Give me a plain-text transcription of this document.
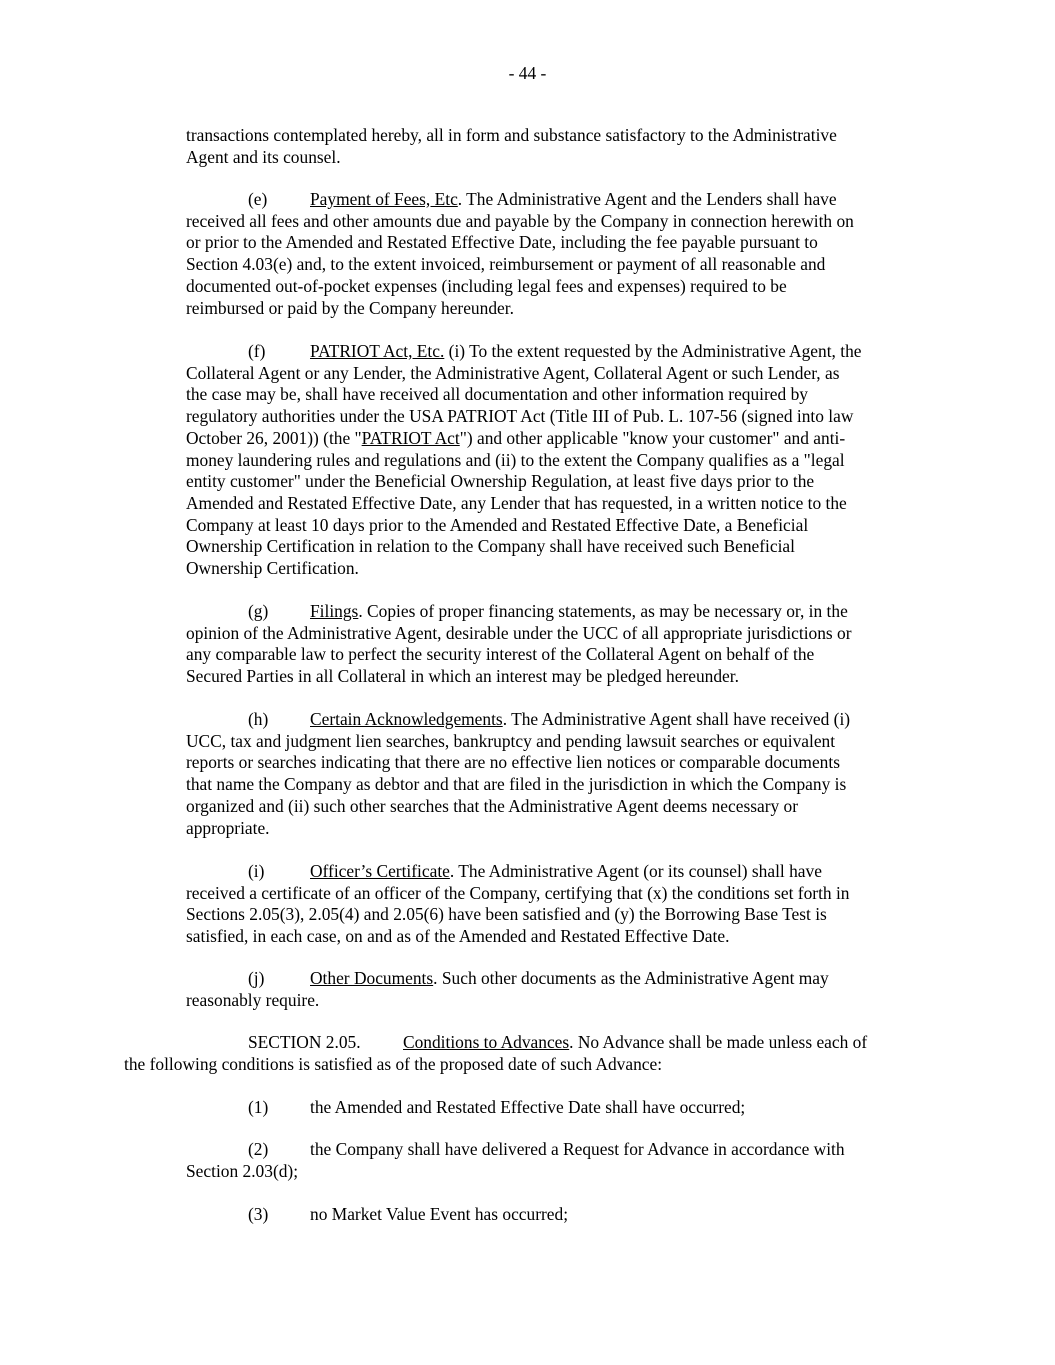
- 44 -

transactions contemplated hereby, all in form and substance satisfactory to the Administrative
Agent and its counsel.

(e) Payment of Fees, Etc. The Administrative Agent and the Lenders shall have
received all fees and other amounts due and payable by the Company in connection herewith on
or prior to the Amended and Restated Effective Date, including the fee payable pursuant to
Section 4.03(e) and, to the extent invoiced, reimbursement or payment of all reasonable and
documented out-of-pocket expenses (including legal fees and expenses) required to be
reimbursed or paid by the Company hereunder.

(f)	PATRIOT Act, Etc. (i) To the extent requested by the Administrative Agent, the
Collateral Agent or any Lender, the Administrative Agent, Collateral Agent or such Lender, as
the case may be, shall have received all documentation and other information required by
regulatory authorities under the USA PATRIOT Act (Title III of Pub. L. 107-56 (signed into law
October 26, 2001)) (the "PATRIOT Act") and other applicable "know your customer" and anti-
money laundering rules and regulations and (ii) to the extent the Company qualifies as a "legal
entity customer" under the Beneficial Ownership Regulation, at least five days prior to the
Amended and Restated Effective Date, any Lender that has requested, in a written notice to the
Company at least 10 days prior to the Amended and Restated Effective Date, a Beneficial
Ownership Certification in relation to the Company shall have received such Beneficial
Ownership Certification.

(g) Filings. Copies of proper financing statements, as may be necessary or, in the
opinion of the Administrative Agent, desirable under the UCC of all appropriate jurisdictions or
any comparable law to perfect the security interest of the Collateral Agent on behalf of the
Secured Parties in all Collateral in which an interest may be pledged hereunder.

(h) Certain Acknowledgements. The Administrative Agent shall have received (i)
UCC, tax and judgment lien searches, bankruptcy and pending lawsuit searches or equivalent
reports or searches indicating that there are no effective lien notices or comparable documents
that name the Company as debtor and that are filed in the jurisdiction in which the Company is
organized and (ii) such other searches that the Administrative Agent deems necessary or
appropriate.

(i)	Officer’s Certificate. The Administrative Agent (or its counsel) shall have
received a certificate of an officer of the Company, certifying that (x) the conditions set forth in
Sections 2.05(3), 2.05(4) and 2.05(6) have been satisfied and (y) the Borrowing Base Test is
satisfied, in each case, on and as of the Amended and Restated Effective Date.

(j)	Other Documents. Such other documents as the Administrative Agent may
reasonably require.

SECTION 2.05. Conditions to Advances. No Advance shall be made unless each of
the following conditions is satisfied as of the proposed date of such Advance:

(1) the Amended and Restated Effective Date shall have occurred;

(2) the Company shall have delivered a Request for Advance in accordance with
Section 2.03(d);

(3) no Market Value Event has occurred;
